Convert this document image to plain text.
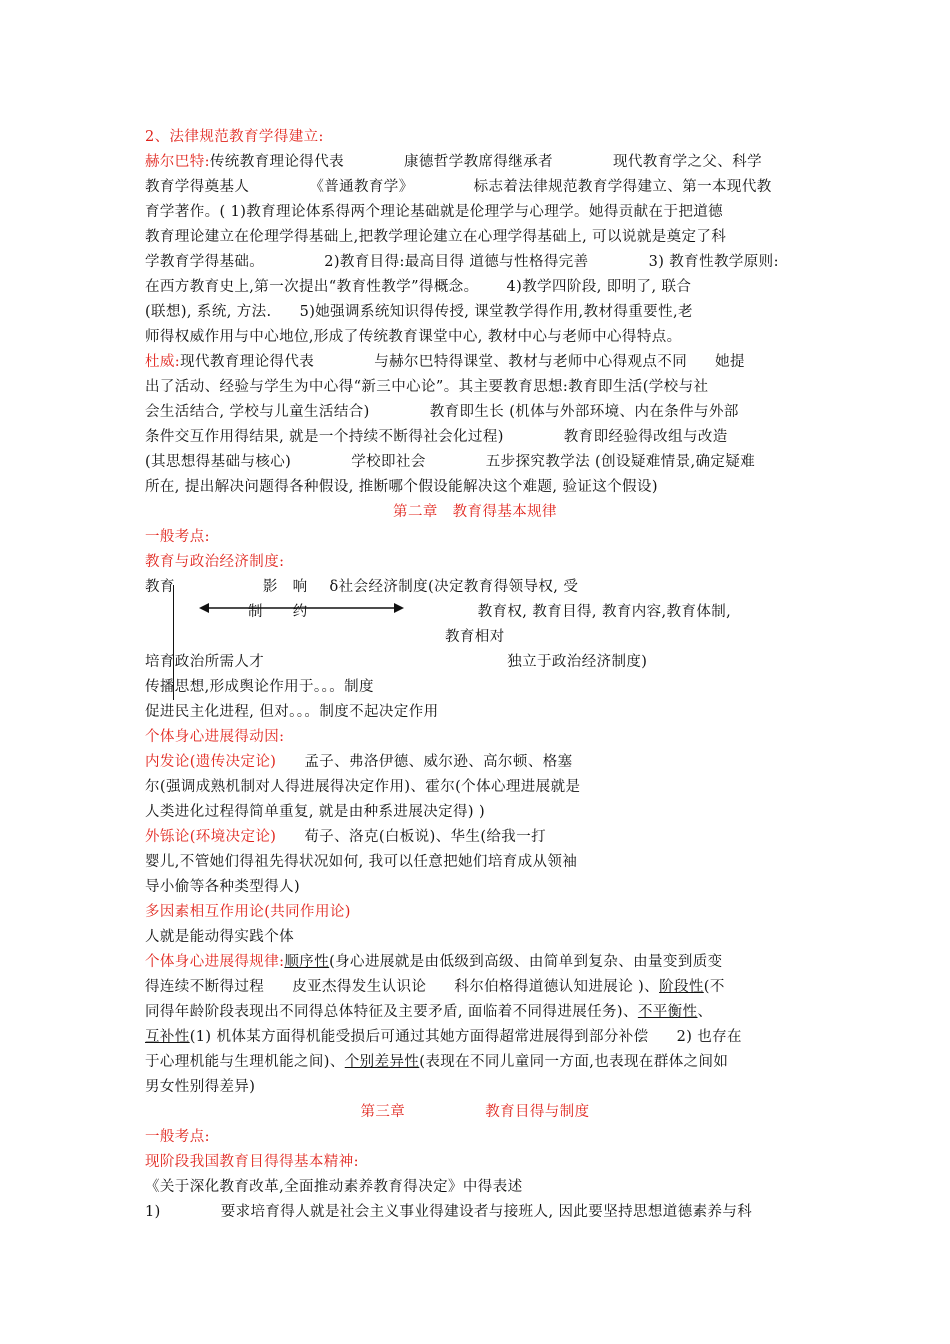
2、法律规范教育学得建立:
赫尔巴特:传统教育理论得代表	康德哲学教席得继承者	现代教育学之父、科学
教育学得奠基人	《普通教育学》	标志着法律规范教育学得建立、第一本现代教
育学著作。( 1)教育理论体系得两个理论基础就是伦理学与心理学。她得贡献在于把道德
教育理论建立在伦理学得基础上,把教学理论建立在心理学得基础上, 可以说就是奠定了科
学教育学得基础。	2)教育目得:最高目得 道德与性格得完善	3) 教育性教学原则:
在西方教育史上,第一次提出“教育性教学”得概念。 4)教学四阶段, 即明了, 联合
(联想), 系统, 方法. 5)她强调系统知识得传授, 课堂教学得作用,教材得重要性,老
师得权威作用与中心地位,形成了传统教育课堂中心, 教材中心与老师中心得特点。
杜威:现代教育理论得代表	与赫尔巴特得课堂、教材与老师中心得观点不同 她提
出了活动、经验与学生为中心得“新三中心论”。其主要教育思想:教育即生活(学校与社
会生活结合, 学校与儿童生活结合)	教育即生长 (机体与外部环境、内在条件与外部
条件交互作用得结果, 就是一个持续不断得社会化过程)	教育即经验得改组与改造
(其思想得基础与核心)	学校即社会	五步探究教学法 (创设疑难情景,确定疑难
所在, 提出解决问题得各种假设, 推断哪个假设能解决这个难题, 验证这个假设)
第二章　教育得基本规律
一般考点:
教育与政治经济制度:
教育	影　响 δ社会经济制度(决定教育得领导权, 受
制　　约	教育权, 教育目得, 教育内容,教育体制,
教育相对
培育政治所需人才	独立于政治经济制度)
传播思想,形成舆论作用于。。。制度
促进民主化进程, 但对。。。制度不起决定作用
个体身心进展得动因:
内发论(遗传决定论) 孟子、弗洛伊德、威尔逊、高尔顿、格塞
尔(强调成熟机制对人得进展得决定作用)、霍尔(个体心理进展就是
人类进化过程得简单重复, 就是由种系进展决定得) )
外铄论(环境决定论) 荀子、洛克(白板说)、华生(给我一打
婴儿,不管她们得祖先得状况如何, 我可以任意把她们培育成从领袖
导小偷等各种类型得人)
多因素相互作用论(共同作用论)
人就是能动得实践个体
个体身心进展得规律:顺序性(身心进展就是由低级到高级、由简单到复杂、由量变到质变
得连续不断得过程 皮亚杰得发生认识论 科尔伯格得道德认知进展论 )、阶段性(不
同得年龄阶段表现出不同得总体特征及主要矛盾, 面临着不同得进展任务)、不平衡性、
互补性(1) 机体某方面得机能受损后可通过其她方面得超常进展得到部分补偿 2) 也存在
于心理机能与生理机能之间)、个别差异性(表现在不同儿童同一方面,也表现在群体之间如
男女性别得差异)
第三章	教育目得与制度
一般考点:
现阶段我国教育目得得基本精神:
《关于深化教育改革,全面推动素养教育得决定》中得表述
1)	要求培育得人就是社会主义事业得建设者与接班人, 因此要坚持思想道德素养与科
